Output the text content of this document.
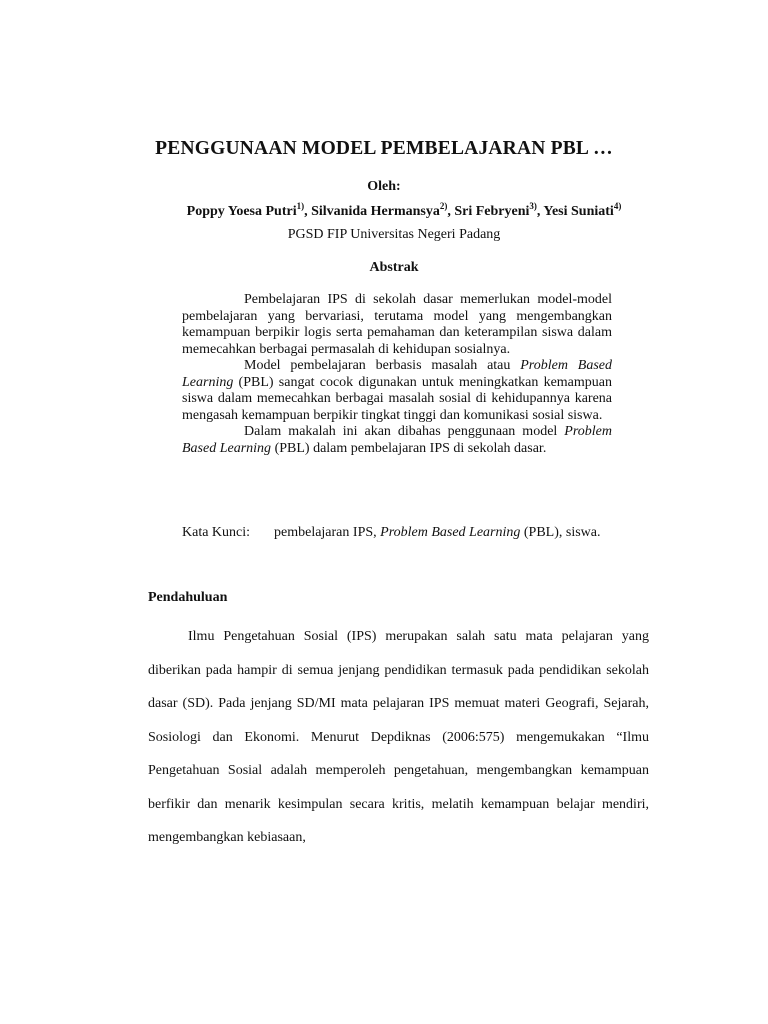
PENGGUNAAN MODEL PEMBELAJARAN PBL …
Oleh:
Poppy Yoesa Putri$^{1)}$, Silvanida Hermansya$^{2)}$, Sri Febryeni$^{3)}$, Yesi Suniati$^{4)}$
PGSD FIP Universitas Negeri Padang
Abstrak

Pembelajaran IPS di sekolah dasar memerlukan model-model pembelajaran yang bervariasi, terutama model yang mengembangkan kemampuan berpikir logis serta pemahaman dan keterampilan siswa dalam memecahkan berbagai permasalah di kehidupan sosialnya.

Model pembelajaran berbasis masalah atau Problem Based Learning (PBL) sangat cocok digunakan untuk meningkatkan kemampuan siswa dalam memecahkan berbagai masalah sosial di kehidupannya karena mengasah kemampuan berpikir tingkat tinggi dan komunikasi sosial siswa.

Dalam makalah ini akan dibahas penggunaan model Problem Based Learning (PBL) dalam pembelajaran IPS di sekolah dasar.

Kata Kunci: pembelajaran IPS, Problem Based Learning (PBL), siswa.
Pendahuluan

Ilmu Pengetahuan Sosial (IPS) merupakan salah satu mata pelajaran yang diberikan pada hampir di semua jenjang pendidikan termasuk pada pendidikan sekolah dasar (SD). Pada jenjang SD/MI mata pelajaran IPS memuat materi Geografi, Sejarah, Sosiologi dan Ekonomi. Menurut Depdiknas (2006:575) mengemukakan “Ilmu Pengetahuan Sosial adalah memperoleh pengetahuan, mengembangkan kemampuan berfikir dan menarik kesimpulan secara kritis, melatih kemampuan belajar mendiri, mengembangkan kebiasaan,
